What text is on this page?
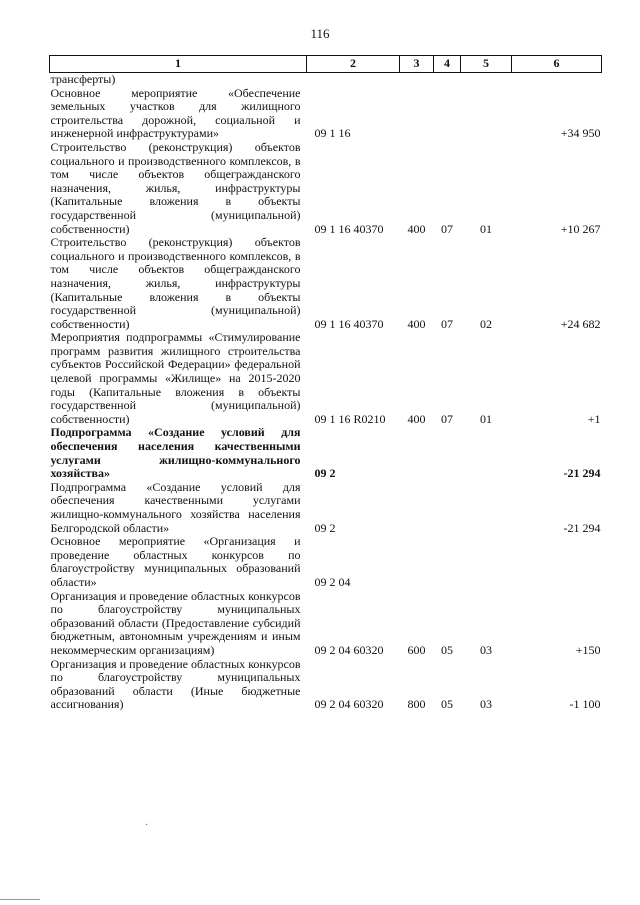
116
1	2	3	4	5	6
трансферты)					
Основное мероприятие «Обеспечение земельных участков для жилищного строительства дорожной, социальной и инженерной инфраструктурами»	09 1 16				+34 950
Строительство (реконструкция) объектов социального и производственного комплексов, в том числе объектов общегражданского назначения, жилья, инфраструктуры (Капитальные вложения в объекты государственной (муниципальной) собственности)	09 1 16 40370	400	07	01	+10 267
Строительство (реконструкция) объектов социального и производственного комплексов, в том числе объектов общегражданского назначения, жилья, инфраструктуры (Капитальные вложения в объекты государственной (муниципальной) собственности)	09 1 16 40370	400	07	02	+24 682
Мероприятия подпрограммы «Стимулирование программ развития жилищного строительства субъектов Российской Федерации» федеральной целевой программы «Жилище» на 2015-2020 годы (Капитальные вложения в объекты государственной (муниципальной) собственности)	09 1 16 R0210	400	07	01	+1
Подпрограмма «Создание условий для обеспечения населения качественными услугами жилищно-коммунального хозяйства»	09 2				-21 294
Подпрограмма «Создание условий для обеспечения качественными услугами жилищно-коммунального хозяйства населения Белгородской области»	09 2				-21 294
Основное мероприятие «Организация и проведение областных конкурсов по благоустройству муниципальных образований области»	09 2 04				
Организация и проведение областных конкурсов по благоустройству муниципальных образований области (Предоставление субсидий бюджетным, автономным учреждениям и иным некоммерческим организациям)	09 2 04 60320	600	05	03	+150
Организация и проведение областных конкурсов по благоустройству муниципальных образований области (Иные бюджетные ассигнования)	09 2 04 60320	800	05	03	-1 100
·
